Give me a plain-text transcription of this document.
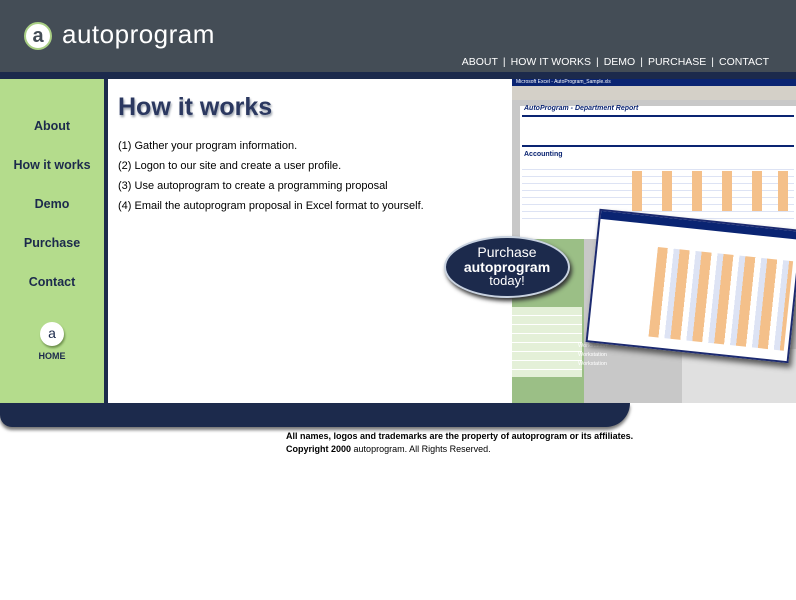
a autoprogram
ABOUT | HOW IT WORKS | DEMO | PURCHASE | CONTACT
About
How it works
Demo
Purchase
Contact
a
HOME
How it works
(1) Gather your program information.
(2) Logon to our site and create a user profile.
(3) Use autoprogram to create a programming proposal
(4) Email the autoprogram proposal in Excel format to yourself.
Microsoft Excel - AutoProgram_Sample.xls
AutoProgram - Department Report
Accounting
Workstation
Workstation
Workstation
Purchase
autoprogram
today!
All names, logos and trademarks are the property of autoprogram or its affiliates.
Copyright 2000 autoprogram. All Rights Reserved.
